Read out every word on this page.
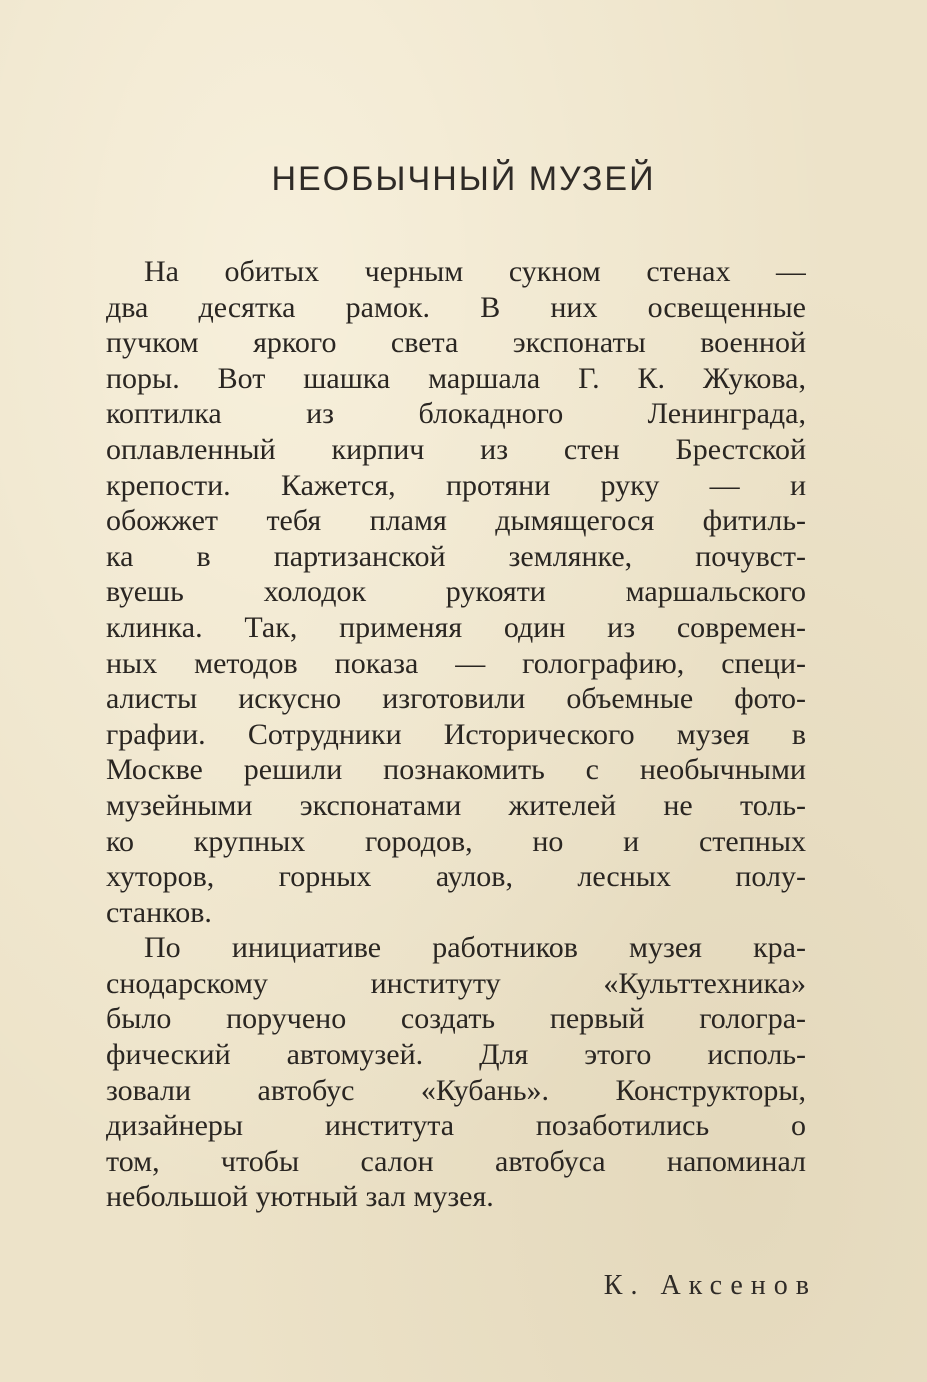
НЕОБЫЧНЫЙ МУЗЕЙ
На обитых черным сукном стенах —
два десятка рамок. В них освещенные
пучком яркого света экспонаты военной
поры. Вот шашка маршала Г. К. Жукова,
коптилка из блокадного Ленинграда,
оплавленный кирпич из стен Брестской
крепости. Кажется, протяни руку — и
обожжет тебя пламя дымящегося фитиль-
ка в партизанской землянке, почувст-
вуешь холодок рукояти маршальского
клинка. Так, применяя один из современ-
ных методов показа — голографию, специ-
алисты искусно изготовили объемные фото-
графии. Сотрудники Исторического музея в
Москве решили познакомить с необычными
музейными экспонатами жителей не толь-
ко крупных городов, но и степных
хуторов, горных аулов, лесных полу-
станков.
По инициативе работников музея кра-
снодарскому институту «Культтехника»
было поручено создать первый гологра-
фический автомузей. Для этого исполь-
зовали автобус «Кубань». Конструкторы,
дизайнеры института позаботились о
том, чтобы салон автобуса напоминал
небольшой уютный зал музея.
К. Аксенов
